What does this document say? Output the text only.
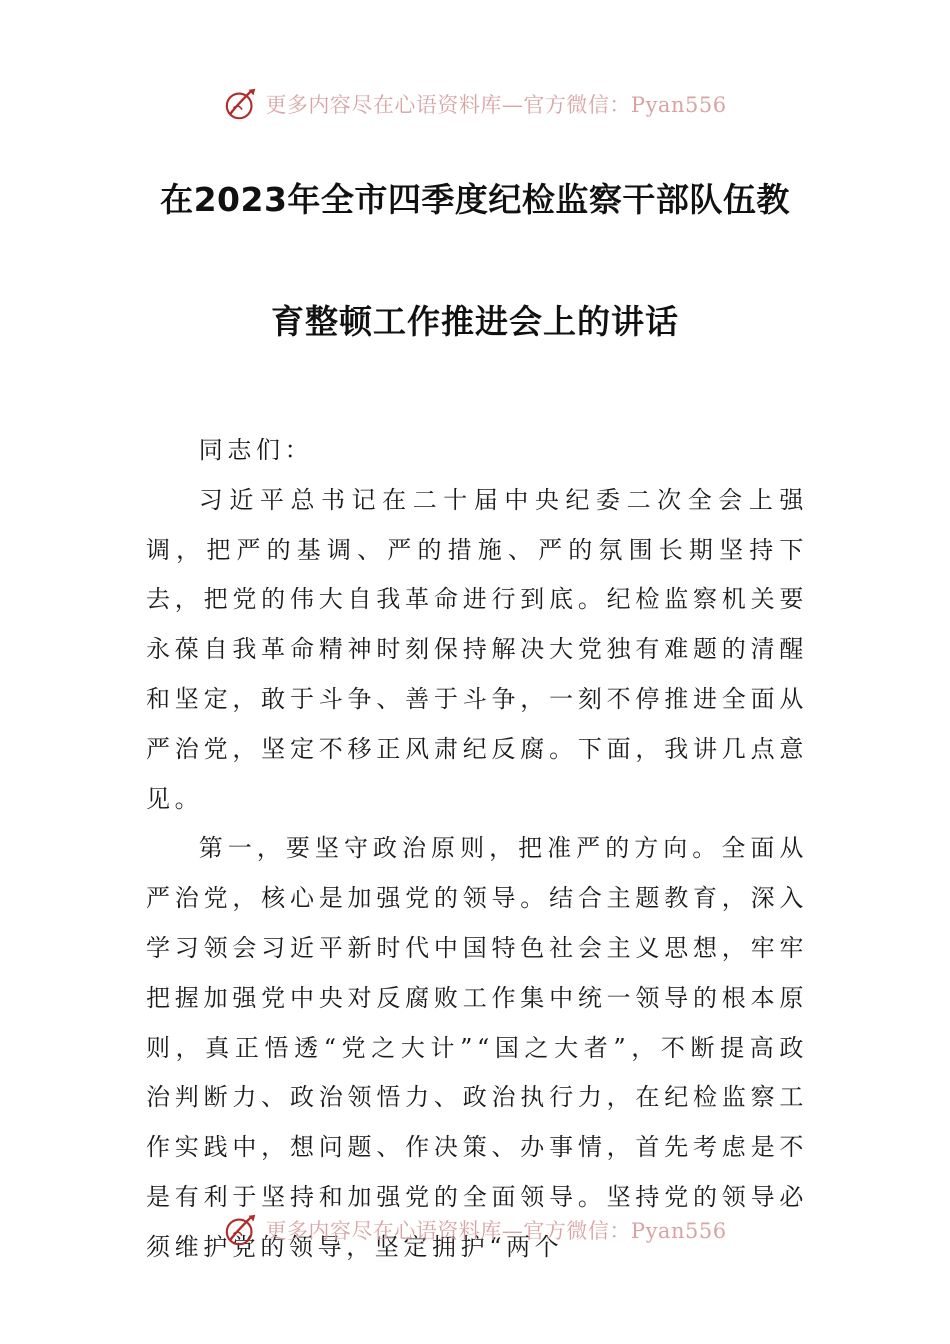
更多内容尽在心语资料库—官方微信：Pyan556
在2023年全市四季度纪检监察干部队伍教
育整顿工作推进会上的讲话

同志们：

习近平总书记在二十届中央纪委二次全会上强调，把严的基调、严的措施、严的氛围长期坚持下去，把党的伟大自我革命进行到底。纪检监察机关要永葆自我革命精神时刻保持解决大党独有难题的清醒和坚定，敢于斗争、善于斗争，一刻不停推进全面从严治党，坚定不移正风肃纪反腐。下面，我讲几点意见。

第一，要坚守政治原则，把准严的方向。全面从严治党，核心是加强党的领导。结合主题教育，深入学习领会习近平新时代中国特色社会主义思想，牢牢把握加强党中央对反腐败工作集中统一领导的根本原则，真正悟透“党之大计”“国之大者”，不断提高政治判断力、政治领悟力、政治执行力，在纪检监察工作实践中，想问题、作决策、办事情，首先考虑是不是有利于坚持和加强党的全面领导。坚持党的领导必须维护党的领导，坚定拥护“两个

更多内容尽在心语资料库—官方微信：Pyan556
